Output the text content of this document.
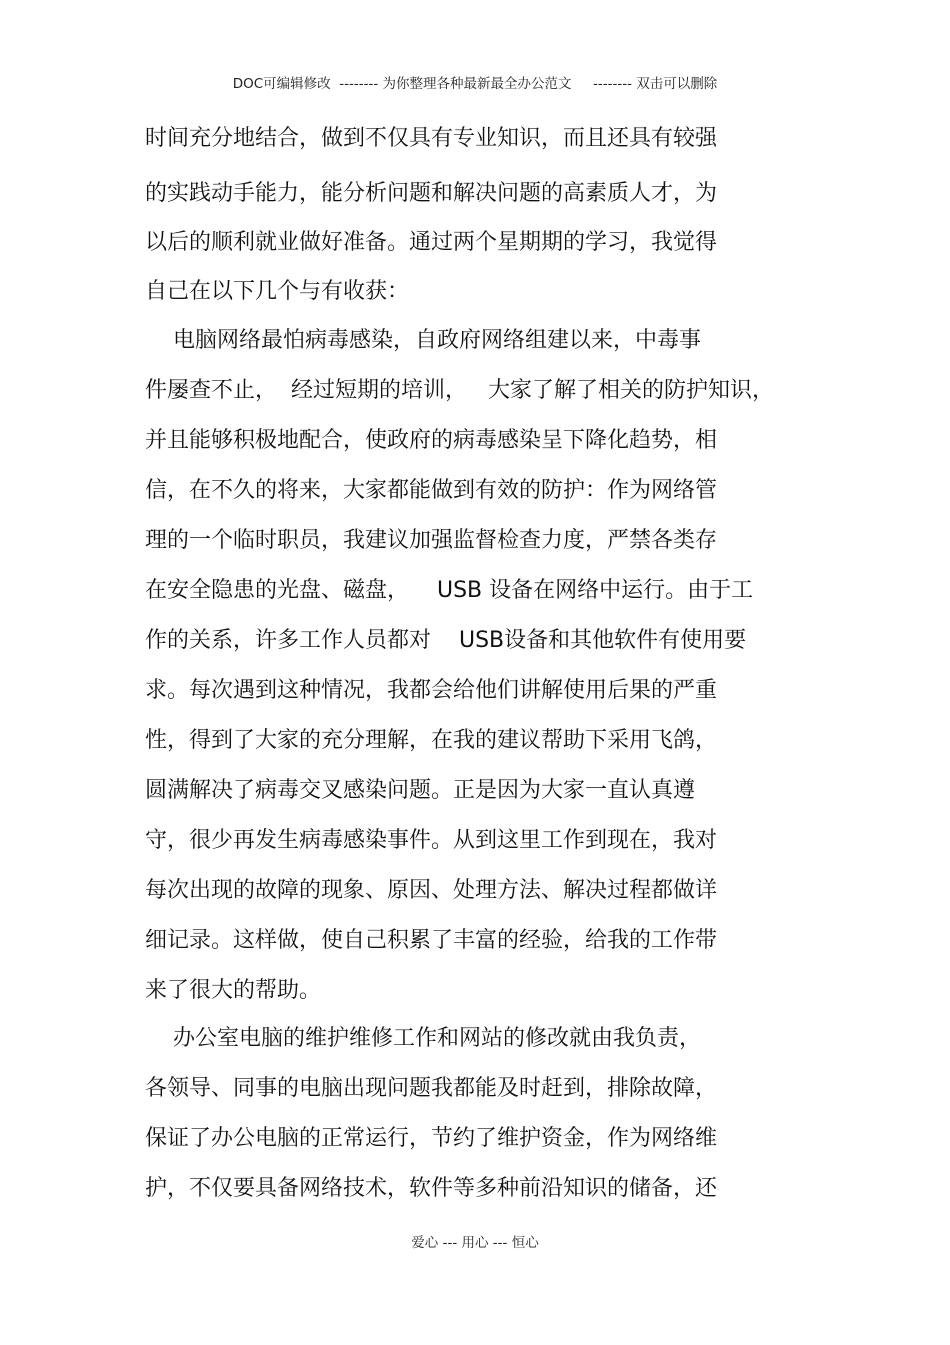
DOC可编辑修改  -------- 为你整理各种最新最全办公范文     -------- 双击可以删除
时间充分地结合，做到不仅具有专业知识，而且还具有较强
的实践动手能力，能分析问题和解决问题的高素质人才，为
以后的顺利就业做好准备。通过两个星期期的学习，我觉得
自己在以下几个与有收获：
电脑网络最怕病毒感染，自政府网络组建以来，中毒事
件屡查不止，  经过短期的培训，   大家了解了相关的防护知识，
并且能够积极地配合，使政府的病毒感染呈下降化趋势，相
信，在不久的将来，大家都能做到有效的防护：作为网络管
理的一个临时职员，我建议加强监督检查力度，严禁各类存
在安全隐患的光盘、磁盘，    USB 设备在网络中运行。由于工
作的关系，许多工作人员都对    USB设备和其他软件有使用要
求。每次遇到这种情况，我都会给他们讲解使用后果的严重
性，得到了大家的充分理解，在我的建议帮助下采用飞鸽，
圆满解决了病毒交叉感染问题。正是因为大家一直认真遵
守，很少再发生病毒感染事件。从到这里工作到现在，我对
每次出现的故障的现象、原因、处理方法、解决过程都做详
细记录。这样做，使自己积累了丰富的经验，给我的工作带
来了很大的帮助。
办公室电脑的维护维修工作和网站的修改就由我负责，
各领导、同事的电脑出现问题我都能及时赶到，排除故障，
保证了办公电脑的正常运行，节约了维护资金，作为网络维
护，不仅要具备网络技术，软件等多种前沿知识的储备，还
爱心 --- 用心 --- 恒心
